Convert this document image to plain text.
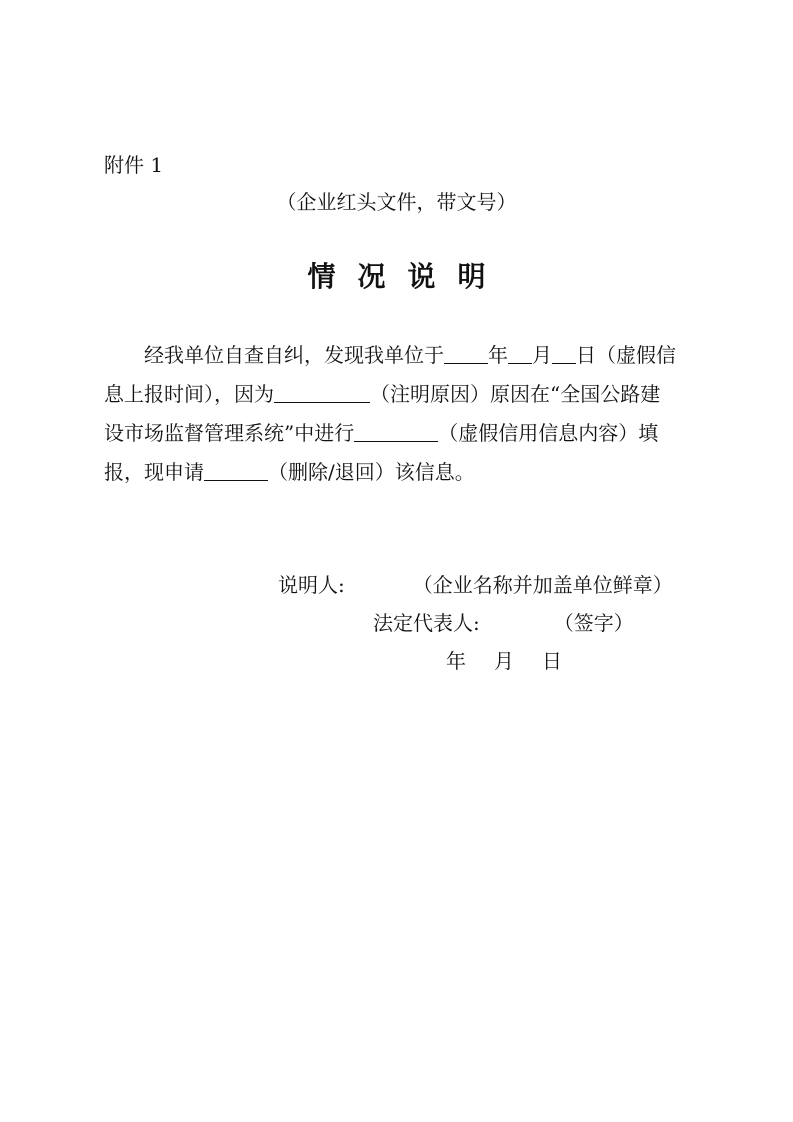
附件 1
（企业红头文件，带文号）
情况说明
经我单位自查自纠，发现我单位于 年 月 日（虚假信
息上报时间），因为	（注明原因）原因在“全国公路建
设市场监督管理系统”中进行	（虚假信用信息内容）填
报，现申请	（删除/退回）该信息。
说明人:	（企业名称并加盖单位鲜章）
法定代表人:	（签字）
年 月 日
